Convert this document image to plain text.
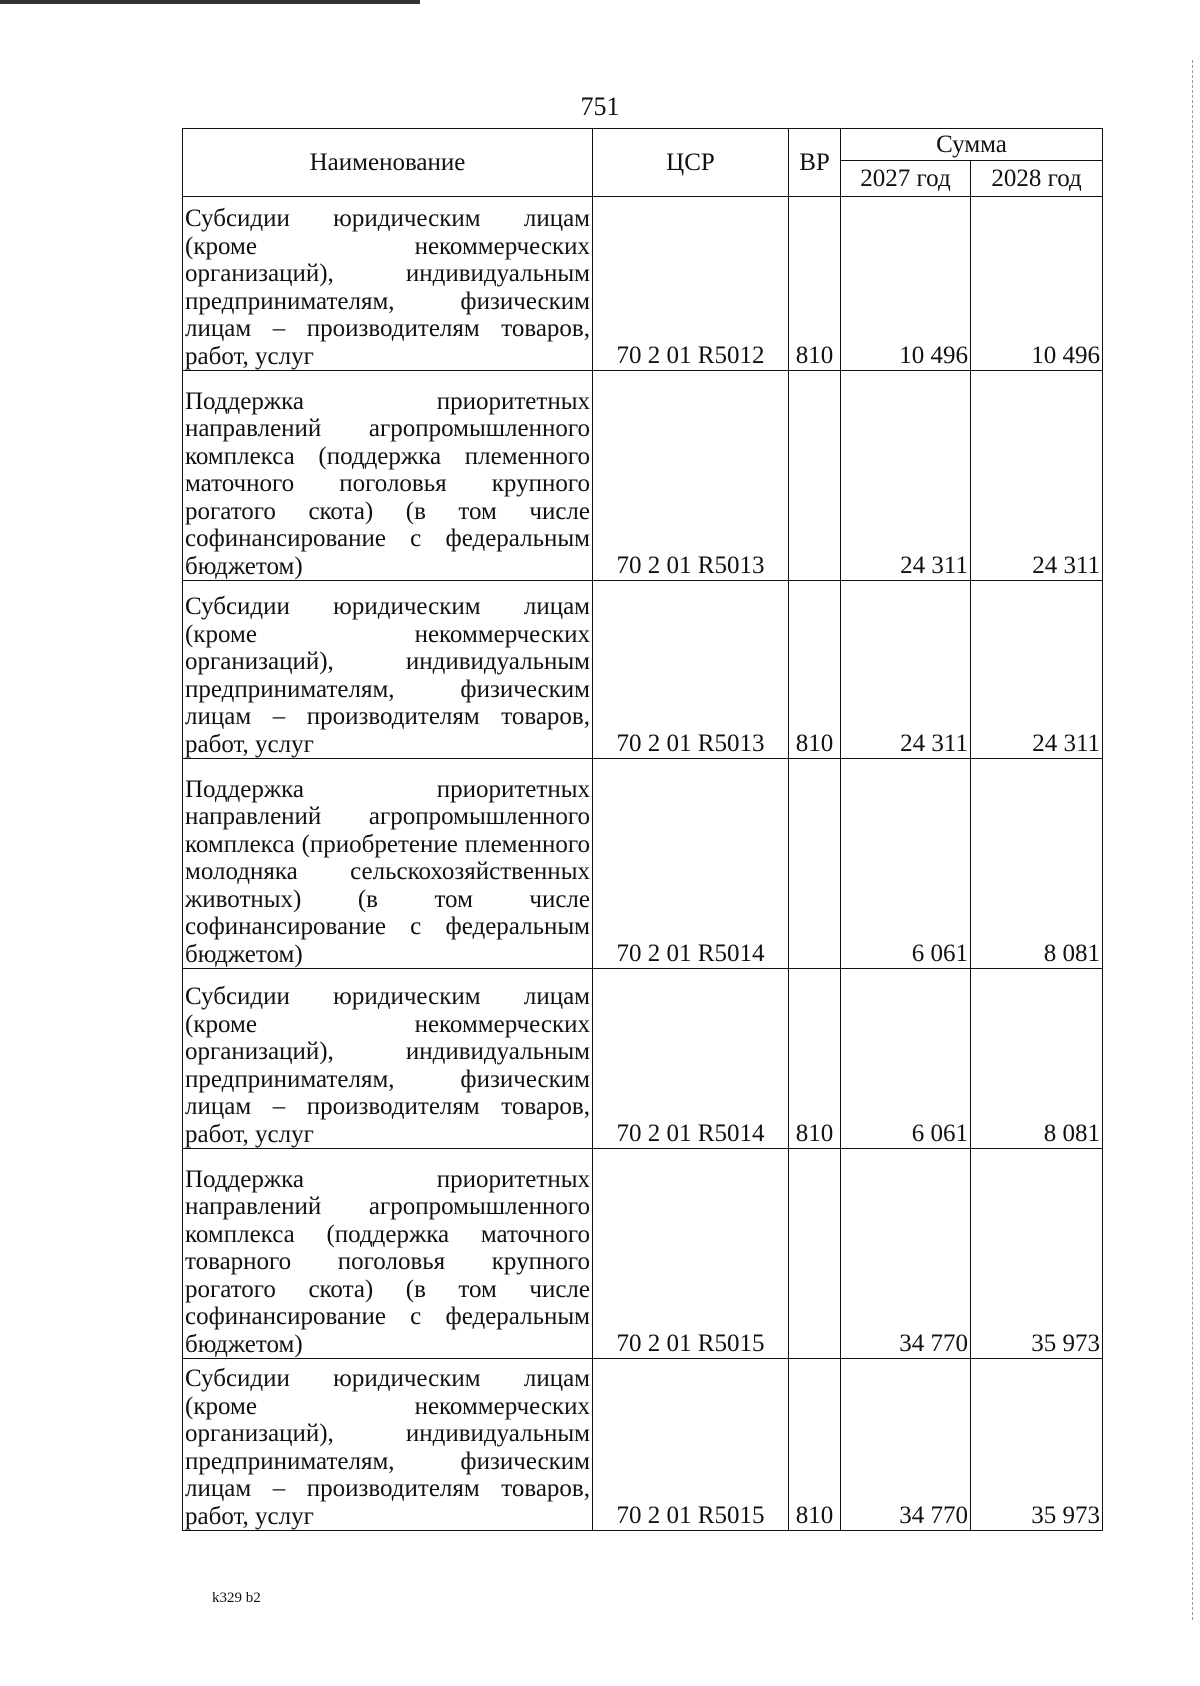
751
Наименование	ЦСР	ВР	Сумма	
			2027 год	2028 год
Субсидии юридическим лицам (кроме некоммерческих организаций), индивидуальным предпринимателям, физическим лицам – производителям товаров, работ, услуг	70 2 01 R5012	810	10 496	10 496
Поддержка приоритетных направлений агропромышленного комплекса (поддержка племенного маточного поголовья крупного рогатого скота) (в том числе софинансирование с федеральным бюджетом)	70 2 01 R5013		24 311	24 311
Субсидии юридическим лицам (кроме некоммерческих организаций), индивидуальным предпринимателям, физическим лицам – производителям товаров, работ, услуг	70 2 01 R5013	810	24 311	24 311
Поддержка приоритетных направлений агропромышленного комплекса (приобретение племенного молодняка сельскохозяйственных животных) (в том числе софинансирование с федеральным бюджетом)	70 2 01 R5014		6 061	8 081
Субсидии юридическим лицам (кроме некоммерческих организаций), индивидуальным предпринимателям, физическим лицам – производителям товаров, работ, услуг	70 2 01 R5014	810	6 061	8 081
Поддержка приоритетных направлений агропромышленного комплекса (поддержка маточного товарного поголовья крупного рогатого скота) (в том числе софинансирование с федеральным бюджетом)	70 2 01 R5015		34 770	35 973
Субсидии юридическим лицам (кроме некоммерческих организаций), индивидуальным предпринимателям, физическим лицам – производителям товаров, работ, услуг	70 2 01 R5015	810	34 770	35 973
k329 b2
